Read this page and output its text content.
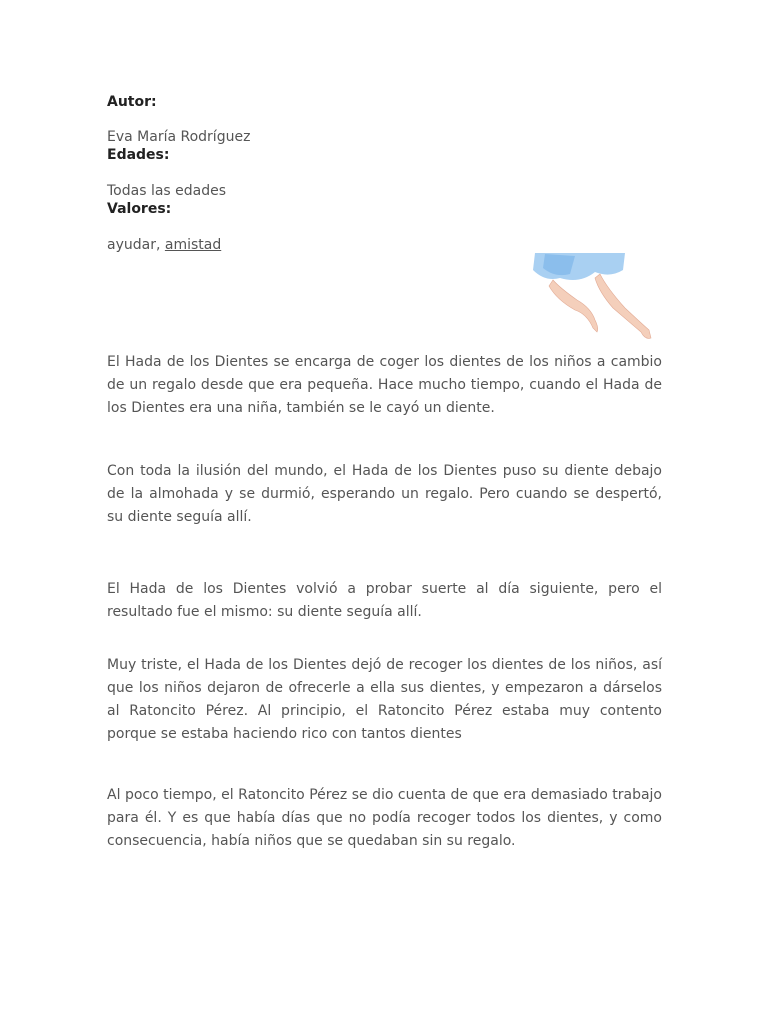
Autor:
Eva María Rodríguez
Edades:
Todas las edades
Valores:
ayudar, amistad

El Hada de los Dientes se encarga de coger los dientes de los niños a cambio de un regalo desde que era pequeña. Hace mucho tiempo, cuando el Hada de los Dientes era una niña, también se le cayó un diente.

Con toda la ilusión del mundo, el Hada de los Dientes puso su diente debajo de la almohada y se durmió, esperando un regalo. Pero cuando se despertó, su diente seguía allí.

El Hada de los Dientes volvió a probar suerte al día siguiente, pero el resultado fue el mismo: su diente seguía allí.

Muy triste, el Hada de los Dientes dejó de recoger los dientes de los niños, así que los niños dejaron de ofrecerle a ella sus dientes, y empezaron a dárselos al Ratoncito Pérez. Al principio, el Ratoncito Pérez estaba muy contento porque se estaba haciendo rico con tantos dientes

Al poco tiempo, el Ratoncito Pérez se dio cuenta de que era demasiado trabajo para él. Y es que había días que no podía recoger todos los dientes, y como consecuencia, había niños que se quedaban sin su regalo.
